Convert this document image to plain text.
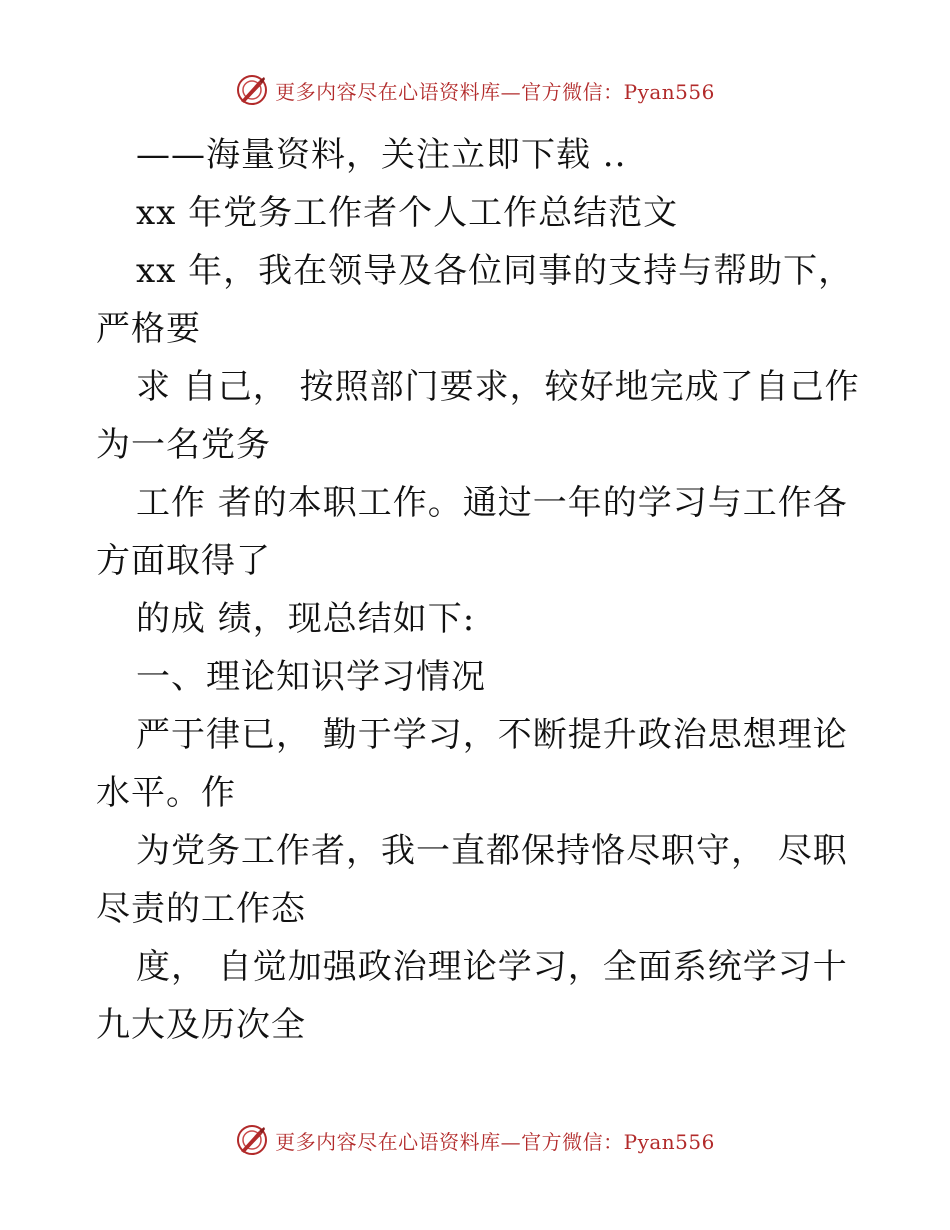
更多内容尽在心语资料库—官方微信：Pyan556
——海量资料，关注立即下载 ..
xx 年党务工作者个人工作总结范文
xx 年，我在领导及各位同事的支持与帮助下，
严格要
求 自己， 按照部门要求，较好地完成了自己作
为一名党务
工作 者的本职工作。通过一年的学习与工作各
方面取得了
的成 绩，现总结如下:
一、理论知识学习情况
严于律已， 勤于学习，不断提升政治思想理论
水平。作
为党务工作者，我一直都保持恪尽职守， 尽职
尽责的工作态
度， 自觉加强政治理论学习，全面系统学习十
九大及历次全
更多内容尽在心语资料库—官方微信：Pyan556
